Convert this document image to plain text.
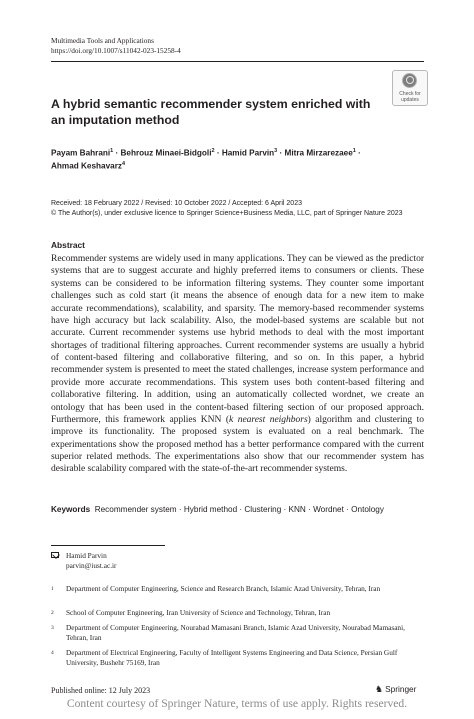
Multimedia Tools and Applications
https://doi.org/10.1007/s11042-023-15258-4
Check for
updates
A hybrid semantic recommender system enriched with an imputation method
Payam Bahrani$^1$ · Behrouz Minaei-Bidgoli$^2$ · Hamid Parvin$^3$ · Mitra Mirzarezaee$^1$ ·
Ahmad Keshavarz$^4$
Received: 18 February 2022 / Revised: 10 October 2022 / Accepted: 6 April 2023
© The Author(s), under exclusive licence to Springer Science+Business Media, LLC, part of Springer Nature 2023
Abstract

Recommender systems are widely used in many applications. They can be viewed as the predictor systems that are to suggest accurate and highly preferred items to consumers or clients. These systems can be considered to be information filtering systems. They counter some important challenges such as cold start (it means the absence of enough data for a new item to make accurate recommendations), scalability, and sparsity. The memory-based recommender systems have high accuracy but lack scalability. Also, the model-based systems are scalable but not accurate. Current recommender systems use hybrid methods to deal with the most important shortages of traditional filtering approaches. Current recommender systems are usually a hybrid of content-based filtering and collaborative filtering, and so on. In this paper, a hybrid recommender system is presented to meet the stated challenges, increase system performance and provide more accurate recommendations. This system uses both content-based filtering and collaborative filtering. In addition, using an automatically collected wordnet, we create an ontology that has been used in the content-based filtering section of our proposed approach. Furthermore, this framework applies KNN (k nearest neighbors) algorithm and clustering to improve its functionality. The proposed system is evaluated on a real benchmark. The experimentations show the proposed method has a better performance compared with the current superior related methods. The experimentations also show that our recommender system has desirable scalability compared with the state-of-the-art recommender systems.

Keywords Recommender system · Hybrid method · Clustering · KNN · Wordnet · Ontology
Hamid Parvin
parvin@iust.ac.ir
1 Department of Computer Engineering, Science and Research Branch, Islamic Azad University, Tehran, Iran
2 School of Computer Engineering, Iran University of Science and Technology, Tehran, Iran
3 Department of Computer Engineering, Nourabad Mamasani Branch, Islamic Azad University, Nourabad Mamasani, Tehran, Iran
4 Department of Electrical Engineering, Faculty of Intelligent Systems Engineering and Data Science, Persian Gulf University, Bushehr 75169, Iran
Published online: 12 July 2023	♞ Springer
Content courtesy of Springer Nature, terms of use apply. Rights reserved.
